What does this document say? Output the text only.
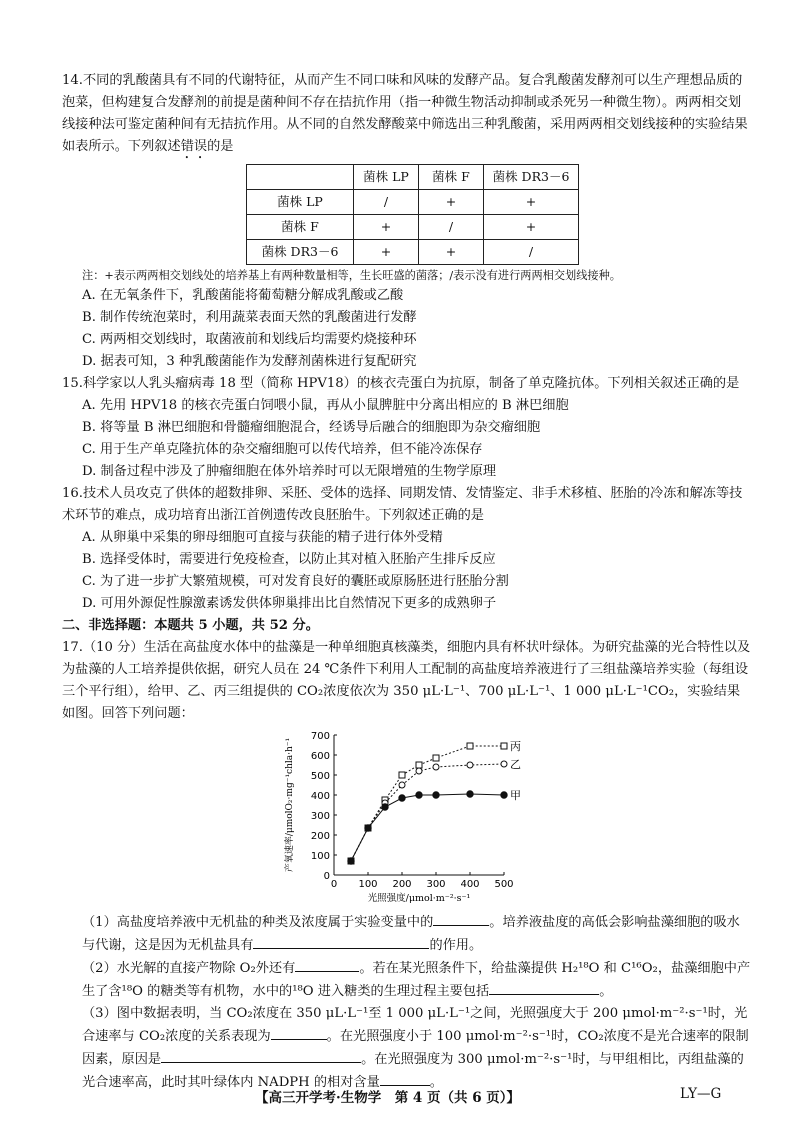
14.不同的乳酸菌具有不同的代谢特征，从而产生不同口味和风味的发酵产品。复合乳酸菌发酵剂可以生产理想品质的泡菜，但构建复合发酵剂的前提是菌种间不存在拮抗作用（指一种微生物活动抑制或杀死另一种微生物）。两两相交划线接种法可鉴定菌种间有无拮抗作用。从不同的自然发酵酸菜中筛选出三种乳酸菌，采用两两相交划线接种的实验结果如表所示。下列叙述错误的是

	菌株 LP	菌株 F	菌株 DR3－6
菌株 LP	/	+	+
菌株 F	+	/	+
菌株 DR3－6	+	+	/
注：+表示两两相交划线处的培养基上有两种数量相等，生长旺盛的菌落；/表示没有进行两两相交划线接种。

A. 在无氧条件下，乳酸菌能将葡萄糖分解成乳酸或乙酸

B. 制作传统泡菜时，利用蔬菜表面天然的乳酸菌进行发酵

C. 两两相交划线时，取菌液前和划线后均需要灼烧接种环

D. 据表可知，3 种乳酸菌能作为发酵剂菌株进行复配研究

15.科学家以人乳头瘤病毒 18 型（简称 HPV18）的核衣壳蛋白为抗原，制备了单克隆抗体。下列相关叙述正确的是

A. 先用 HPV18 的核衣壳蛋白饲喂小鼠，再从小鼠脾脏中分离出相应的 B 淋巴细胞

B. 将等量 B 淋巴细胞和骨髓瘤细胞混合，经诱导后融合的细胞即为杂交瘤细胞

C. 用于生产单克隆抗体的杂交瘤细胞可以传代培养，但不能冷冻保存

D. 制备过程中涉及了肿瘤细胞在体外培养时可以无限增殖的生物学原理

16.技术人员攻克了供体的超数排卵、采胚、受体的选择、同期发情、发情鉴定、非手术移植、胚胎的冷冻和解冻等技术环节的难点，成功培育出浙江首例遗传改良胚胎牛。下列叙述正确的是

A. 从卵巢中采集的卵母细胞可直接与获能的精子进行体外受精

B. 选择受体时，需要进行免疫检查，以防止其对植入胚胎产生排斥反应

C. 为了进一步扩大繁殖规模，可对发育良好的囊胚或原肠胚进行胚胎分割

D. 可用外源促性腺激素诱发供体卵巢排出比自然情况下更多的成熟卵子

二、非选择题：本题共 5 小题，共 52 分。

17.（10 分）生活在高盐度水体中的盐藻是一种单细胞真核藻类，细胞内具有杯状叶绿体。为研究盐藻的光合特性以及为盐藻的人工培养提供依据，研究人员在 24 ℃条件下利用人工配制的高盐度培养液进行了三组盐藻培养实验（每组设三个平行组），给甲、乙、丙三组提供的 CO₂浓度依次为 350 μL·L⁻¹、700 μL·L⁻¹、1 000 μL·L⁻¹CO₂，实验结果如图。回答下列问题：

0
100
200
300
400
500
600
700
0 100 200 300 400 500
光照强度/μmol·m⁻²·s⁻¹
产氧速率/μmolO₂·mg⁻¹chla·h⁻¹	丙
乙
甲

（1）高盐度培养液中无机盐的种类及浓度属于实验变量中的	。培养液盐度的高低会影响盐藻细胞的吸水与代谢，这是因为无机盐具有	的作用。

（2）水光解的直接产物除 O₂外还有	。若在某光照条件下，给盐藻提供 H₂¹⁸O 和 C¹⁶O₂，盐藻细胞中产生了含¹⁸O 的糖类等有机物，水中的¹⁸O 进入糖类的生理过程主要包括	。

（3）图中数据表明，当 CO₂浓度在 350 μL·L⁻¹至 1 000 μL·L⁻¹之间，光照强度大于 200 μmol·m⁻²·s⁻¹时，光合速率与 CO₂浓度的关系表现为	。在光照强度小于 100 μmol·m⁻²·s⁻¹时，CO₂浓度不是光合速率的限制因素，原因是	。在光照强度为 300 μmol·m⁻²·s⁻¹时，与甲组相比，丙组盐藻的光合速率高，此时其叶绿体内 NADPH 的相对含量	。

【高三开学考·生物学　第 4 页（共 6 页）】	LY—G
